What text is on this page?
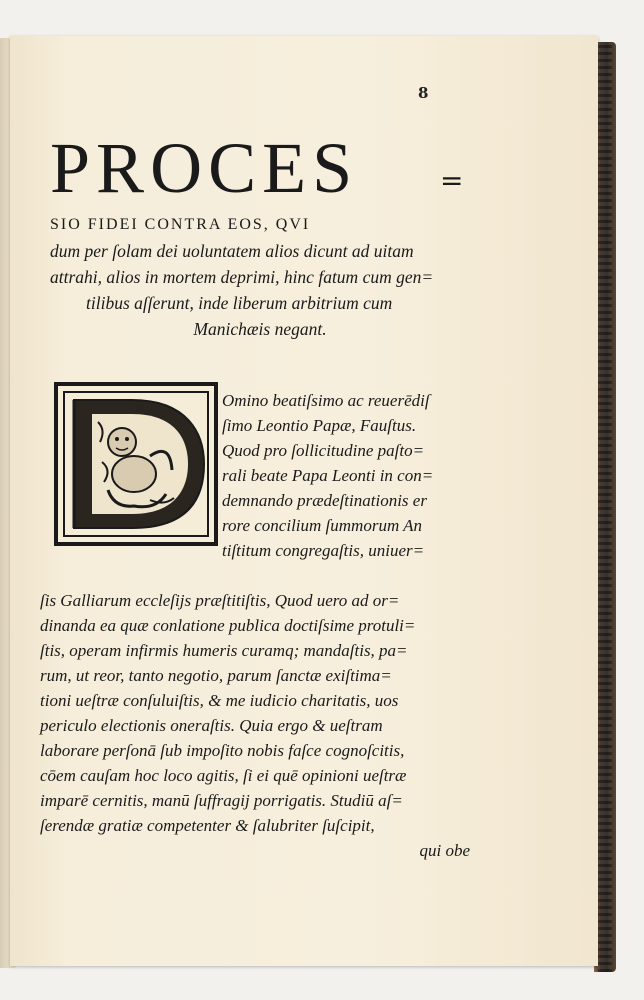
8
PROCES	=
SIO FIDEI CONTRA EOS, QVI
dum per ſolam dei uoluntatem alios dicunt ad uitam
attrahi, alios in mortem deprimi, hinc fatum cum gen=
tilibus aſſerunt, inde liberum arbitrium cum
Manichæis negant.
Omino beatiſsimo ac reuerēdiſ
ſimo Leontio Papæ, Fauſtus.
Quod pro ſollicitudine paſto=
rali beate Papa Leonti in con=
demnando prædeſtinationis er
rore concilium ſummorum An
tiſtitum congregaſtis, uniuer=
ſis Galliarum eccleſijs præſtitiſtis, Quod uero ad or=
dinanda ea quæ conlatione publica doctiſsime protuli=
ſtis, operam infirmis humeris curamq; mandaſtis, pa=
rum, ut reor, tanto negotio, parum ſanctæ exiſtima=
tioni ueſtræ conſuluiſtis, & me iudicio charitatis, uos
periculo electionis oneraſtis. Quia ergo & ueſtram
laborare perſonā ſub impoſito nobis faſce cognoſcitis,
cōem cauſam hoc loco agitis, ſi ei quē opinioni ueſtræ
imparē cernitis, manū ſuffragij porrigatis. Studiū aſ=
ſerendæ gratiæ competenter & ſalubriter ſuſcipit,
qui obe
